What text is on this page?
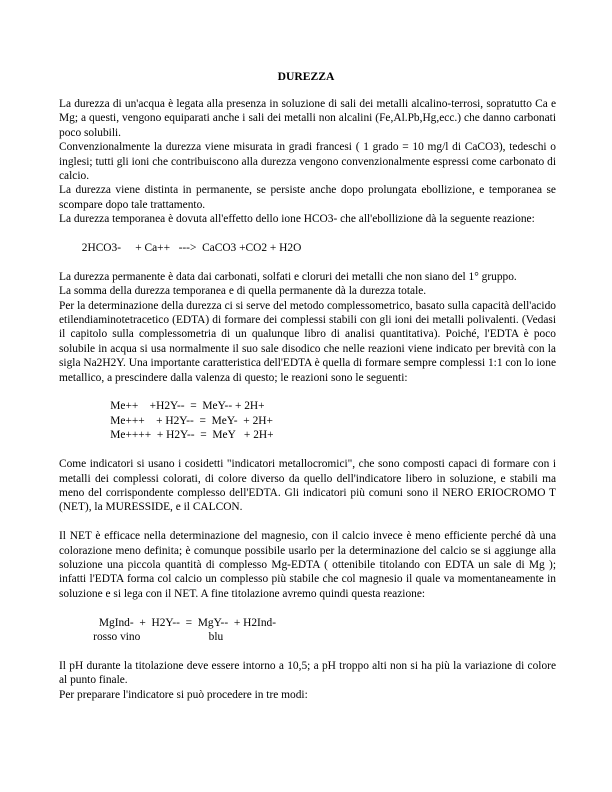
DUREZZA

La durezza di un'acqua è legata alla presenza in soluzione di sali dei metalli alcalino-terrosi, sopratutto Ca e Mg; a questi, vengono equiparati anche i sali dei metalli non alcalini (Fe,Al.Pb,Hg,ecc.) che danno carbonati poco solubili.

Convenzionalmente la durezza viene misurata in gradi francesi ( 1 grado = 10 mg/l di CaCO3), tedeschi o inglesi; tutti gli ioni che contribuiscono alla durezza vengono convenzionalmente espressi come carbonato di calcio.

La durezza viene distinta in permanente, se persiste anche dopo prolungata ebollizione, e temporanea se scompare dopo tale trattamento.

La durezza temporanea è dovuta all'effetto dello ione HCO3- che all'ebollizione dà la seguente reazione:

2HCO3-     + Ca++   --->  CaCO3 +CO2 + H2O

La durezza permanente è data dai carbonati, solfati e cloruri dei metalli che non siano del 1° gruppo.

La somma della durezza temporanea e di quella permanente dà la durezza totale.

Per la determinazione della durezza ci si serve del metodo complessometrico, basato sulla capacità dell'acido etilendiaminotetracetico (EDTA) di formare dei complessi stabili con gli ioni dei metalli polivalenti. (Vedasi il capitolo sulla complessometria di un qualunque libro di analisi quantitativa). Poiché, l'EDTA è poco solubile in acqua si usa normalmente il suo sale disodico che nelle reazioni viene indicato per brevità con la sigla Na2H2Y. Una importante caratteristica dell'EDTA è quella di formare sempre complessi 1:1 con lo ione metallico, a prescindere dalla valenza di questo; le reazioni sono le seguenti:

Me++    +H2Y--  =  MeY-- + 2H+

Me+++    + H2Y--  =  MeY-  + 2H+

Me++++  + H2Y--  =  MeY   + 2H+

Come indicatori si usano i cosidetti "indicatori metallocromici", che sono composti capaci di formare con i metalli dei complessi colorati, di colore diverso da quello dell'indicatore libero in soluzione, e stabili ma meno del corrispondente complesso dell'EDTA. Gli indicatori più comuni sono il NERO ERIOCROMO T (NET), la MURESSIDE, e il CALCON.

Il NET è efficace nella determinazione del magnesio, con il calcio invece è meno efficiente perché dà una colorazione meno definita; è comunque possibile usarlo per la determinazione del calcio se si aggiunge alla soluzione una piccola quantità di complesso Mg-EDTA ( ottenibile titolando con EDTA un sale di Mg ); infatti l'EDTA forma col calcio un complesso più stabile che col magnesio il quale va momentaneamente in soluzione e si lega con il NET. A fine titolazione avremo quindi questa reazione:

MgInd-  +  H2Y--  =  MgY--  + H2Ind-

rosso vino                        blu

Il pH durante la titolazione deve essere intorno a 10,5; a pH troppo alti non si ha più la variazione di colore al punto finale.

Per preparare l'indicatore si può procedere in tre modi:
